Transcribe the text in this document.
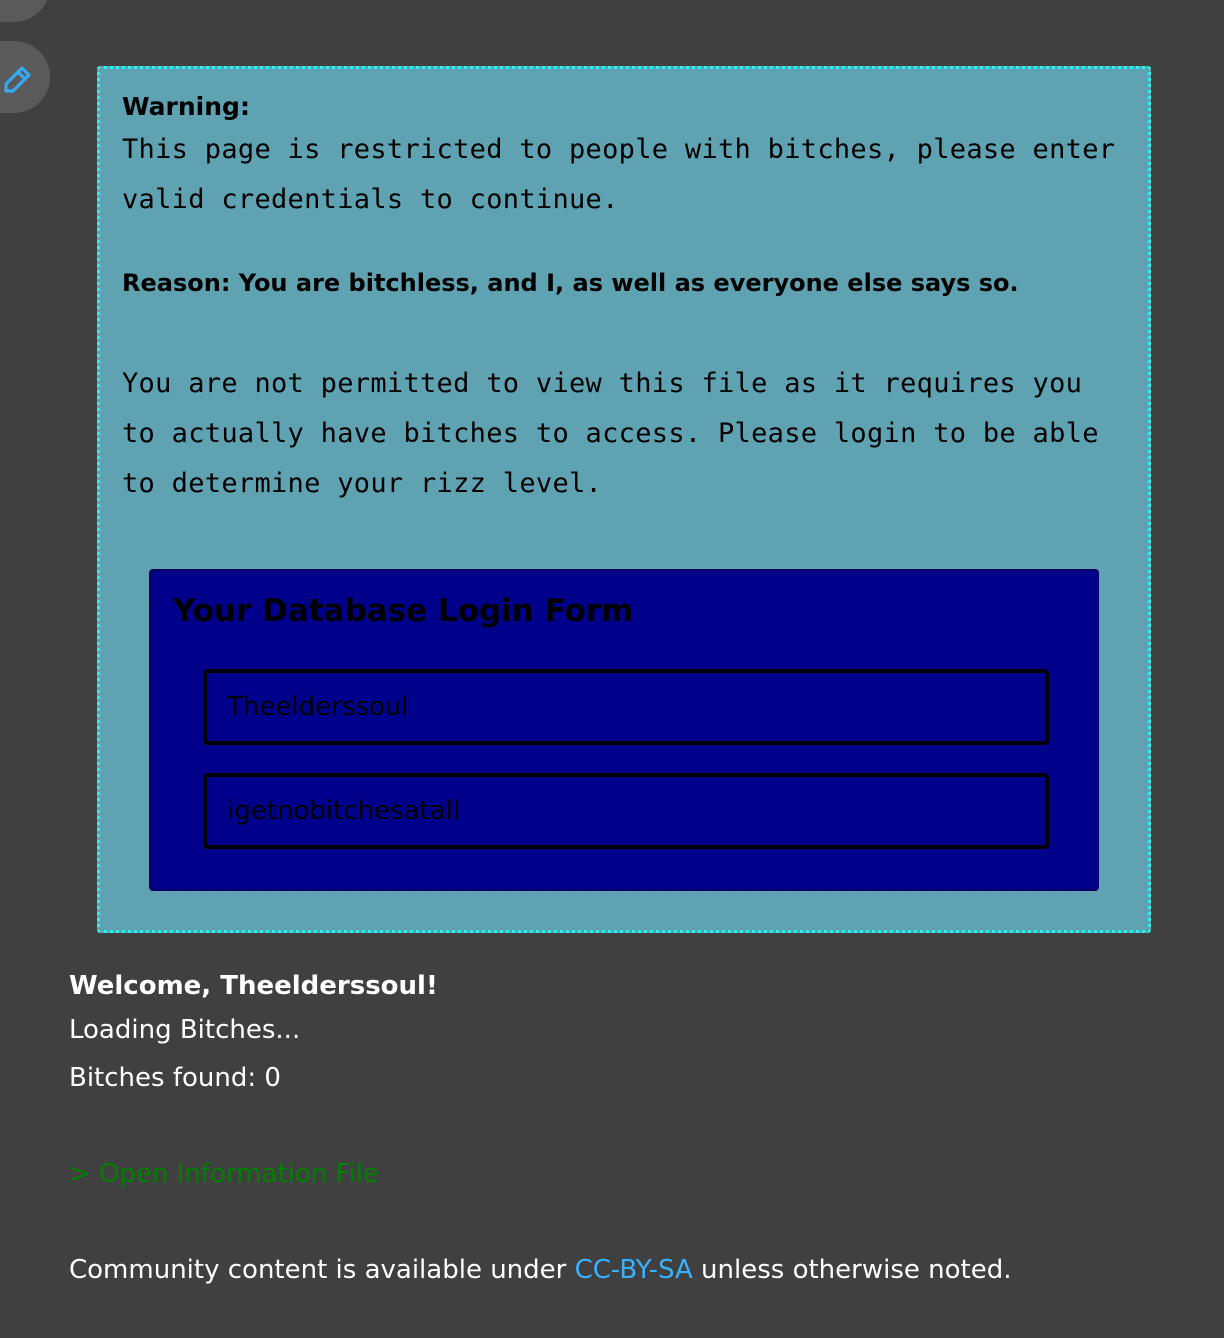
Warning:

This page is restricted to people with bitches, please enter valid credentials to continue.

Reason: You are bitchless, and I, as well as everyone else says so.

You are not permitted to view this file as it requires you to actually have bitches to access. Please login to be able to determine your rizz level.

Your Database Login Form
Theelderssoul
igetnobitchesatall

Welcome, Theelderssoul!

Loading Bitches...

Bitches found: 0

> Open Information File

Community content is available under CC-BY-SA unless otherwise noted.
